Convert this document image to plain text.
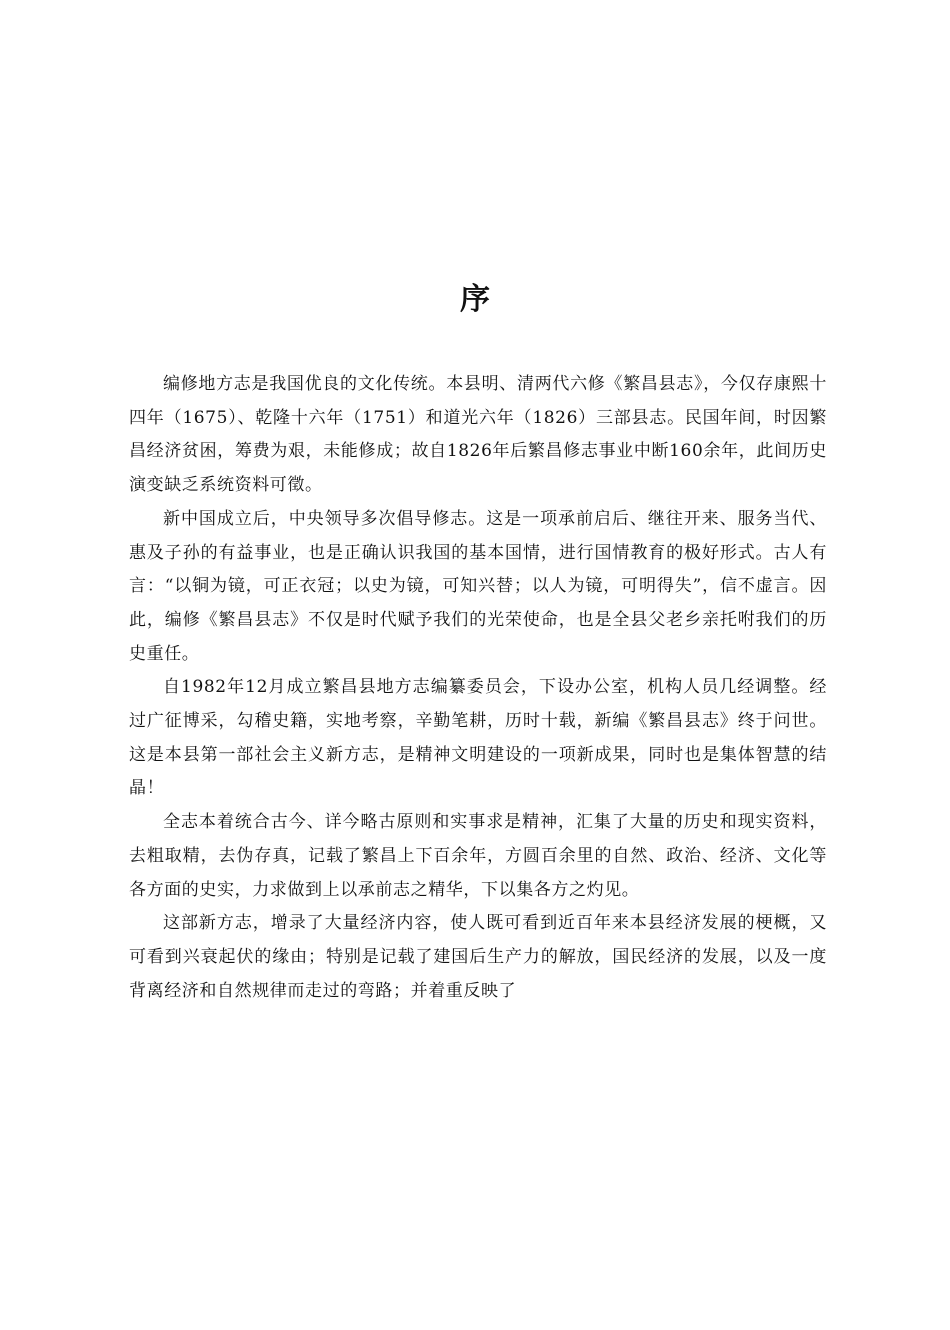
序

编修地方志是我国优良的文化传统。本县明、清两代六修《繁昌县志》，今仅存康熙十四年（1675）、乾隆十六年（1751）和道光六年（1826）三部县志。民国年间，时因繁昌经济贫困，筹费为艰，未能修成；故自1826年后繁昌修志事业中断160余年，此间历史演变缺乏系统资料可徵。

新中国成立后，中央领导多次倡导修志。这是一项承前启后、继往开来、服务当代、惠及子孙的有益事业，也是正确认识我国的基本国情，进行国情教育的极好形式。古人有言：“以铜为镜，可正衣冠；以史为镜，可知兴替；以人为镜，可明得失”，信不虚言。因此，编修《繁昌县志》不仅是时代赋予我们的光荣使命，也是全县父老乡亲托咐我们的历史重任。

自1982年12月成立繁昌县地方志编纂委员会，下设办公室，机构人员几经调整。经过广征博采，勾稽史籍，实地考察，辛勤笔耕，历时十载，新编《繁昌县志》终于问世。这是本县第一部社会主义新方志，是精神文明建设的一项新成果，同时也是集体智慧的结晶！

全志本着统合古今、详今略古原则和实事求是精神，汇集了大量的历史和现实资料，去粗取精，去伪存真，记载了繁昌上下百余年，方圆百余里的自然、政治、经济、文化等各方面的史实，力求做到上以承前志之精华，下以集各方之灼见。

这部新方志，增录了大量经济内容，使人既可看到近百年来本县经济发展的梗概，又可看到兴衰起伏的缘由；特别是记载了建国后生产力的解放，国民经济的发展，以及一度背离经济和自然规律而走过的弯路；并着重反映了
